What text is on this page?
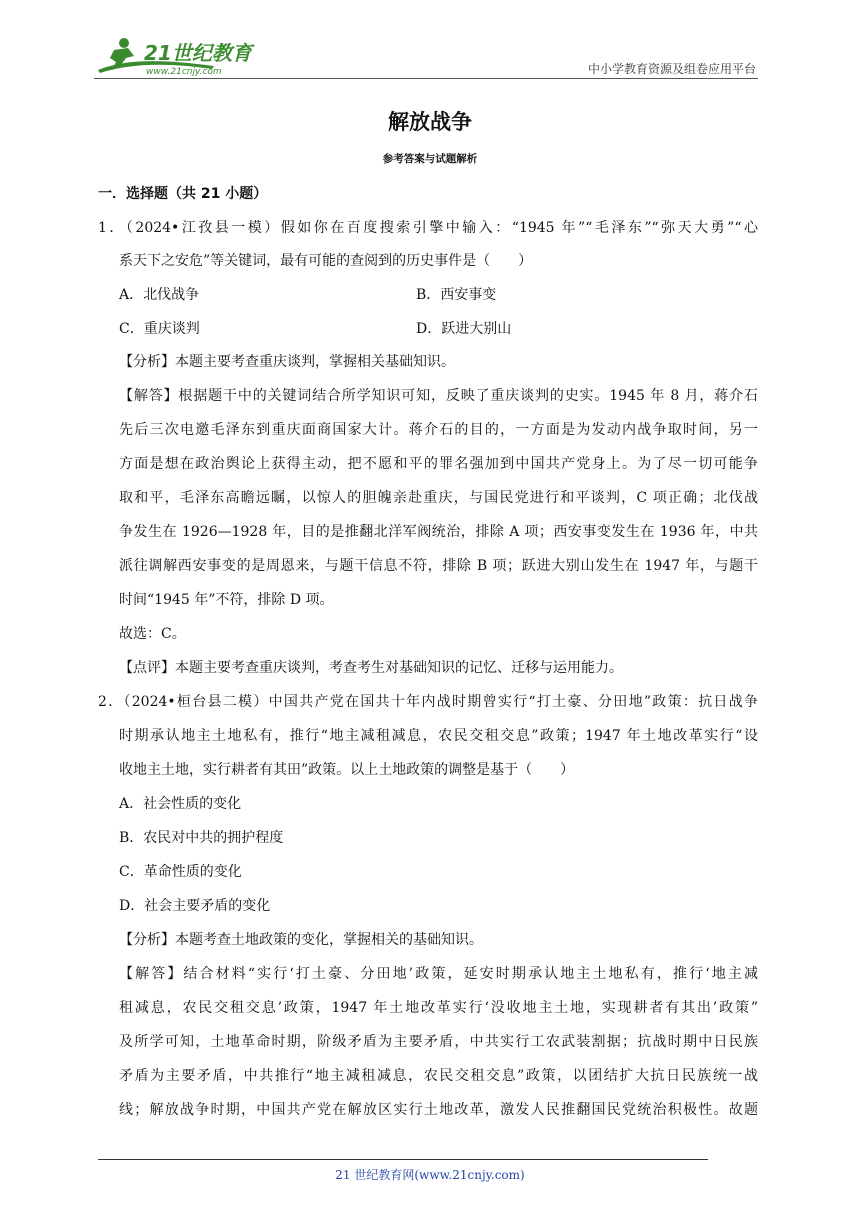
21世纪教育
www.21cnjy.com	中小学教育资源及组卷应用平台
解放战争
参考答案与试题解析
一．选择题（共 21 小题）
1．（2024•江孜县一模）假如你在百度搜索引擎中输入：“1945 年”“毛泽东”“弥天大勇”“心
系天下之安危”等关键词，最有可能的查阅到的历史事件是（　　）
A．北伐战争	B．西安事变
C．重庆谈判	D．跃进大别山
【分析】本题主要考查重庆谈判，掌握相关基础知识。
【解答】根据题干中的关键词结合所学知识可知，反映了重庆谈判的史实。1945 年 8 月，蒋介石
先后三次电邀毛泽东到重庆面商国家大计。蒋介石的目的，一方面是为发动内战争取时间，另一
方面是想在政治舆论上获得主动，把不愿和平的罪名强加到中国共产党身上。为了尽一切可能争
取和平，毛泽东高瞻远瞩，以惊人的胆魄亲赴重庆，与国民党进行和平谈判，C 项正确；北伐战
争发生在 1926—1928 年，目的是推翻北洋军阀统治，排除 A 项；西安事变发生在 1936 年，中共
派往调解西安事变的是周恩来，与题干信息不符，排除 B 项；跃进大别山发生在 1947 年，与题干
时间“1945 年”不符，排除 D 项。
故选：C。
【点评】本题主要考查重庆谈判，考查考生对基础知识的记忆、迁移与运用能力。
2．（2024•桓台县二模）中国共产党在国共十年内战时期曾实行“打土豪、分田地”政策：抗日战争
时期承认地主土地私有，推行“地主减租减息，农民交租交息”政策；1947 年土地改革实行“设
收地主土地，实行耕者有其田”政策。以上土地政策的调整是基于（　　）
A．社会性质的变化
B．农民对中共的拥护程度
C．革命性质的变化
D．社会主要矛盾的变化
【分析】本题考查土地政策的变化，掌握相关的基础知识。
【解答】结合材料“实行‘打土豪、分田地’政策，延安时期承认地主土地私有，推行‘地主减
租减息，农民交租交息’政策，1947 年土地改革实行‘没收地主土地，实现耕者有其出’政策”
及所学可知，土地革命时期，阶级矛盾为主要矛盾，中共实行工农武装割据；抗战时期中日民族
矛盾为主要矛盾，中共推行“地主减租减息，农民交租交息”政策，以团结扩大抗日民族统一战
线；解放战争时期，中国共产党在解放区实行土地改革，激发人民推翻国民党统治积极性。故题
21 世纪教育网(www.21cnjy.com)
